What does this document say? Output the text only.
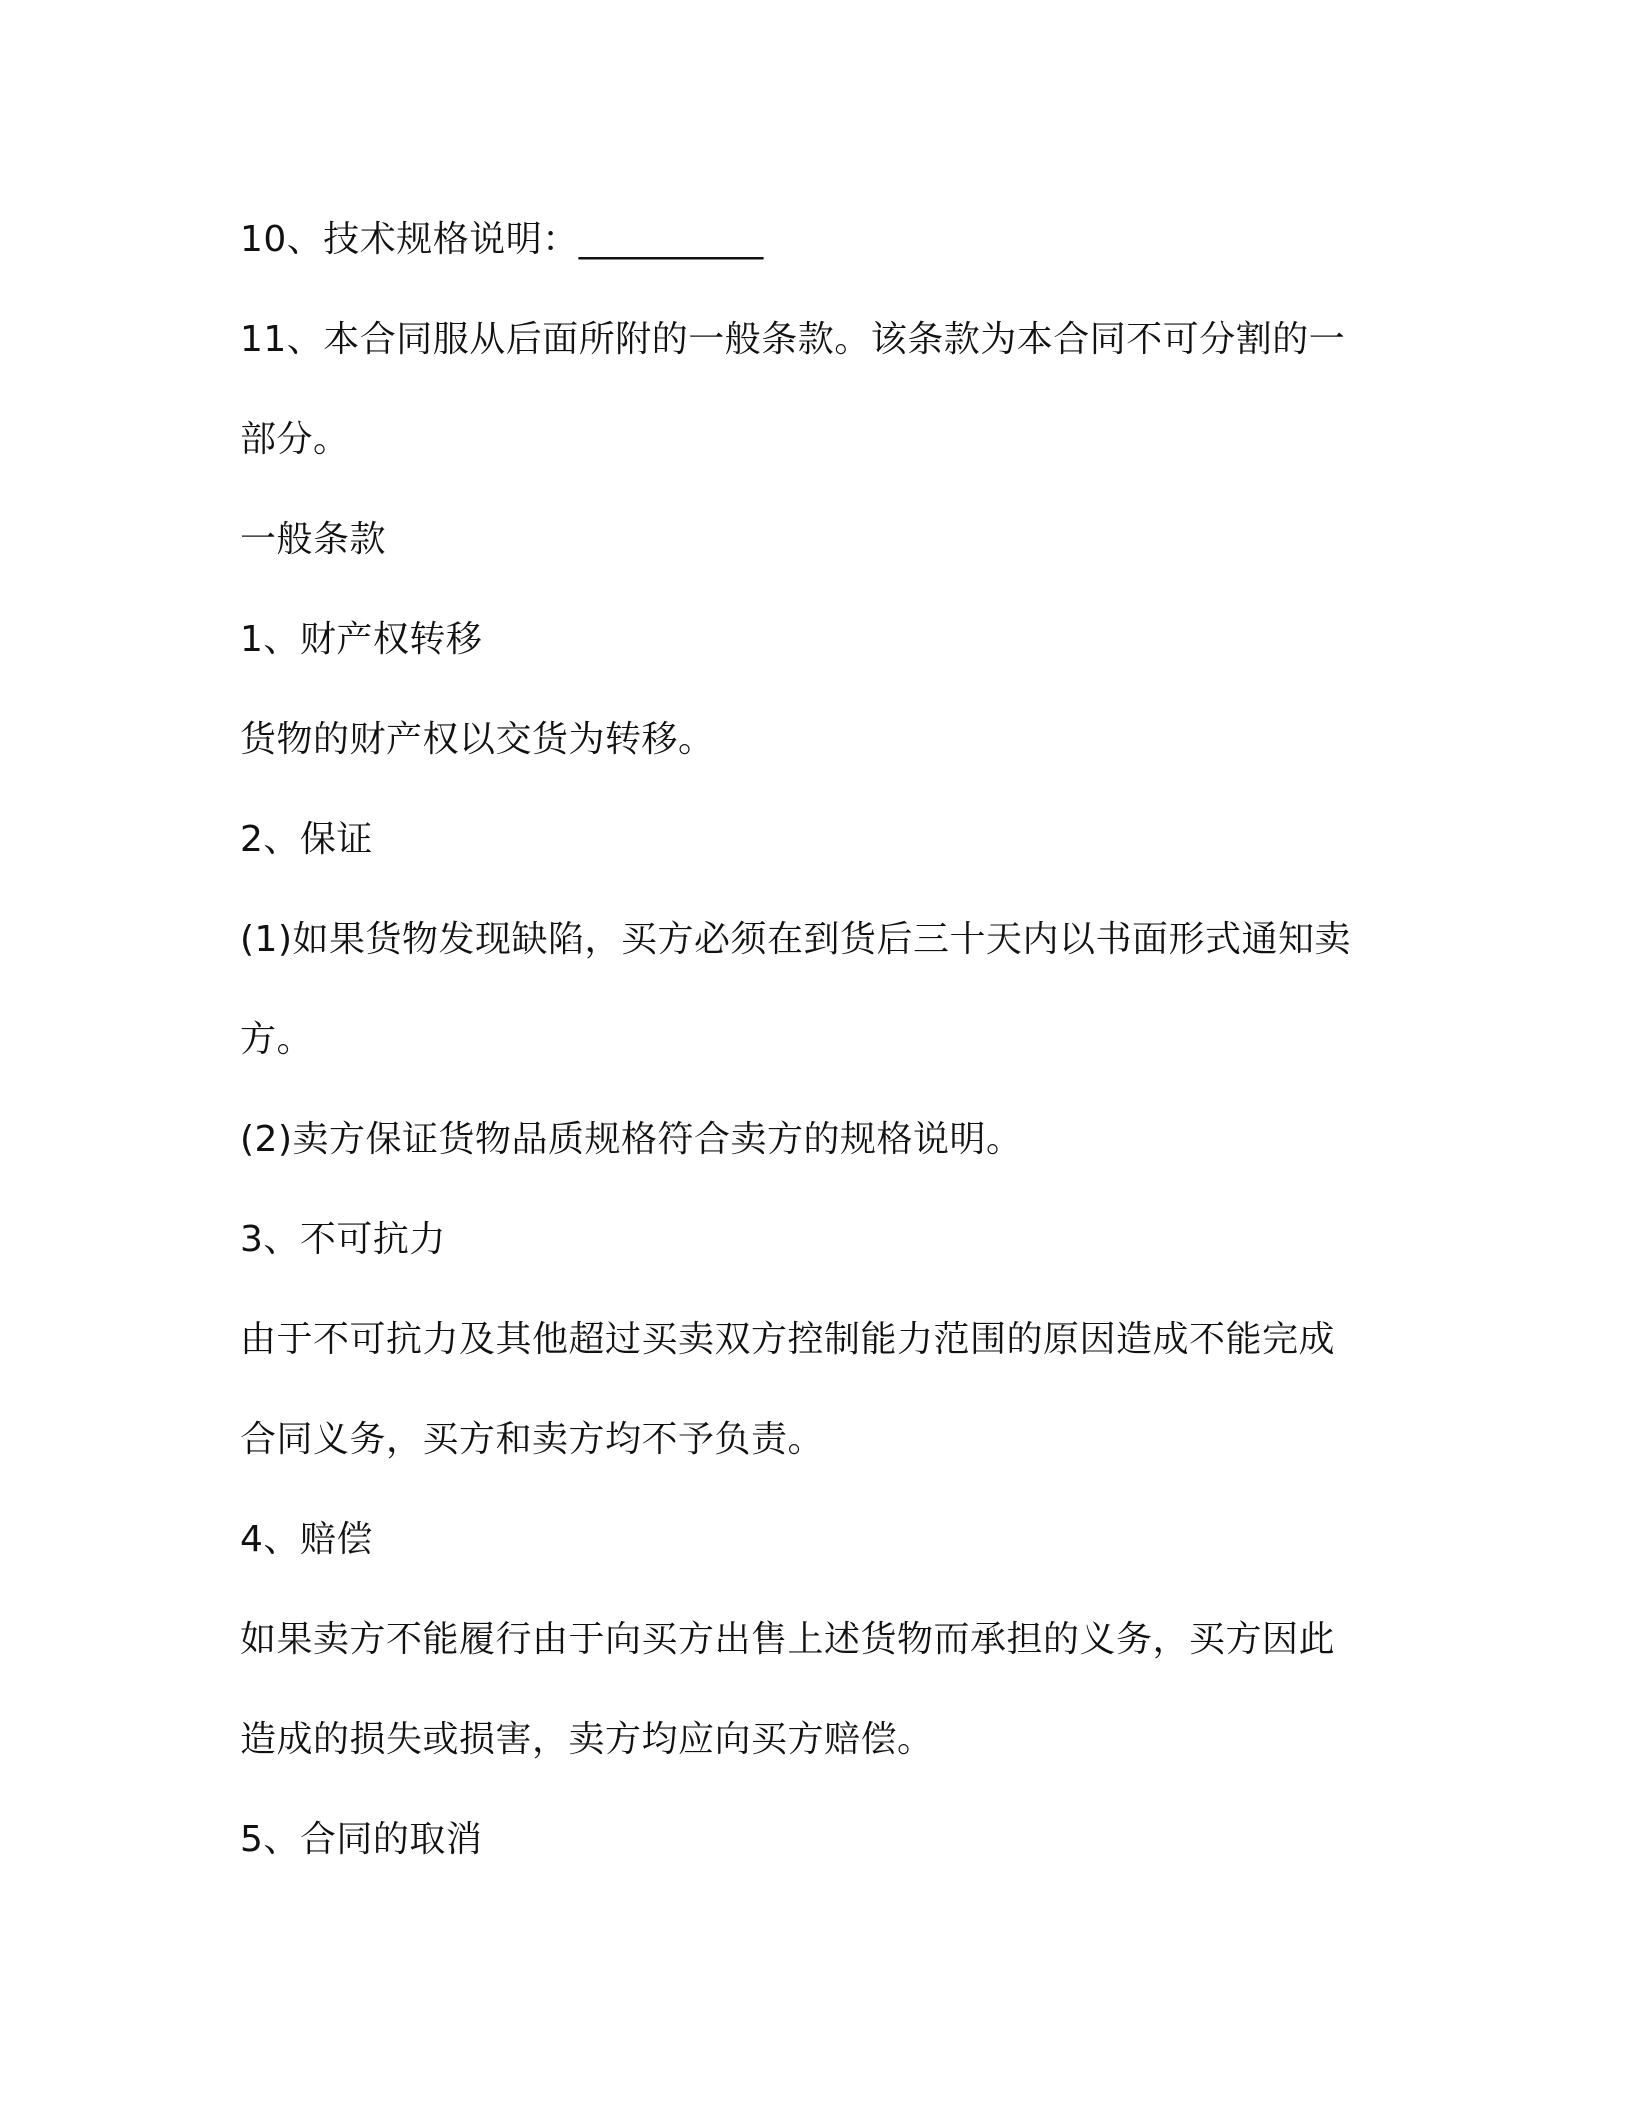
10、技术规格说明：__________
11、本合同服从后面所附的一般条款。该条款为本合同不可分割的一
部分。
一般条款
1、财产权转移
货物的财产权以交货为转移。
2、保证
(1)如果货物发现缺陷，买方必须在到货后三十天内以书面形式通知卖
方。
(2)卖方保证货物品质规格符合卖方的规格说明。
3、不可抗力
由于不可抗力及其他超过买卖双方控制能力范围的原因造成不能完成
合同义务，买方和卖方均不予负责。
4、赔偿
如果卖方不能履行由于向买方出售上述货物而承担的义务，买方因此
造成的损失或损害，卖方均应向买方赔偿。
5、合同的取消
